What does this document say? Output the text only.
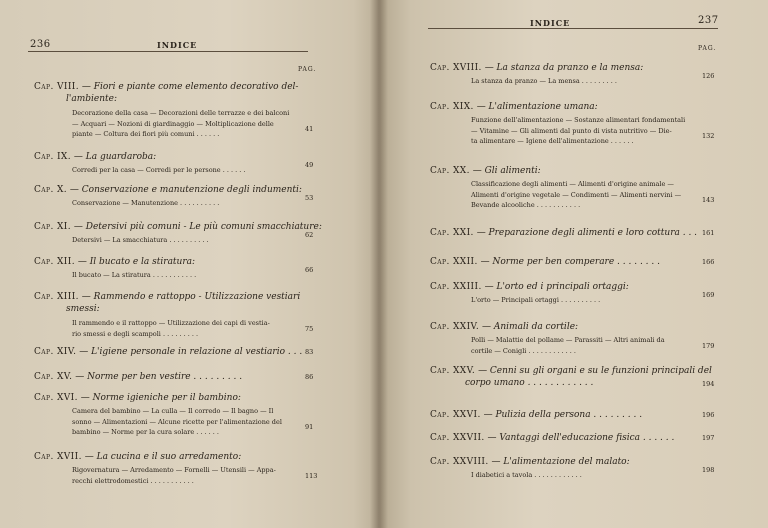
236	INDICE
PAG.
Cap. VIII. — Fiori e piante come elemento decorativo del-
l'ambiente:
Decorazione della casa — Decorazioni delle terrazze e dei balconi
— Acquari — Nozioni di giardinaggio — Moltiplicazione delle
piante — Coltura dei fiori più comuni . . . . . .
41
Cap. IX. — La guardaroba:
Corredi per la casa — Corredi per le persone . . . . . .
49
Cap. X. — Conservazione e manutenzione degli indumenti:
Conservazione — Manutenzione . . . . . . . . . .
53
Cap. XI. — Detersivi più comuni - Le più comuni smacchiature:
Detersivi — La smacchiatura . . . . . . . . . .
62
Cap. XII. — Il bucato e la stiratura:
Il bucato — La stiratura . . . . . . . . . . .
66
Cap. XIII. — Rammendo e rattoppo - Utilizzazione vestiari
smessi:
Il rammendo e il rattoppo — Utilizzazione dei capi di vestia-
rio smessi e degli scampoli . . . . . . . . .
75
Cap. XIV. — L'igiene personale in relazione al vestiario . . . 83
Cap. XV. — Norme per ben vestire . . . . . . . . .	86
Cap. XVI. — Norme igieniche per il bambino:
Camera del bambino — La culla — Il corredo — Il bagno — Il
sonno — Alimentazioni — Alcune ricette per l'alimentazione del
bambino — Norme per la cura solare . . . . . .
91
Cap. XVII. — La cucina e il suo arredamento:
Rigovernatura — Arredamento — Fornelli — Utensili — Appa-
recchi elettrodomestici . . . . . . . . . . .
113
INDICE	237
PAG.
Cap. XVIII. — La stanza da pranzo e la mensa:
La stanza da pranzo — La mensa . . . . . . . . .
126
Cap. XIX. — L'alimentazione umana:
Funzione dell'alimentazione — Sostanze alimentari fondamentali
— Vitamine — Gli alimenti dal punto di vista nutritivo — Die-
ta alimentare — Igiene dell'alimentazione . . . . . .
132
Cap. XX. — Gli alimenti:
Classificazione degli alimenti — Alimenti d'origine animale —
Alimenti d'origine vegetale — Condimenti — Alimenti nervini —
Bevande alcooliche . . . . . . . . . . .
143
Cap. XXI. — Preparazione degli alimenti e loro cottura . . . 161
Cap. XXII. — Norme per ben comperare . . . . . . . .	166
Cap. XXIII. — L'orto ed i principali ortaggi:
L'orto — Principali ortaggi . . . . . . . . . .
169
Cap. XXIV. — Animali da cortile:
Polli — Malattie del pollame — Parassiti — Altri animali da
cortile — Conigli . . . . . . . . . . . .
179
Cap. XXV. — Cenni su gli organi e su le funzioni principali del
corpo umano . . . . . . . . . . . .	194
Cap. XXVI. — Pulizia della persona . . . . . . . . .	196
Cap. XXVII. — Vantaggi dell'educazione fisica . . . . . .	197
Cap. XXVIII. — L'alimentazione del malato:
I diabetici a tavola . . . . . . . . . . . .
198
